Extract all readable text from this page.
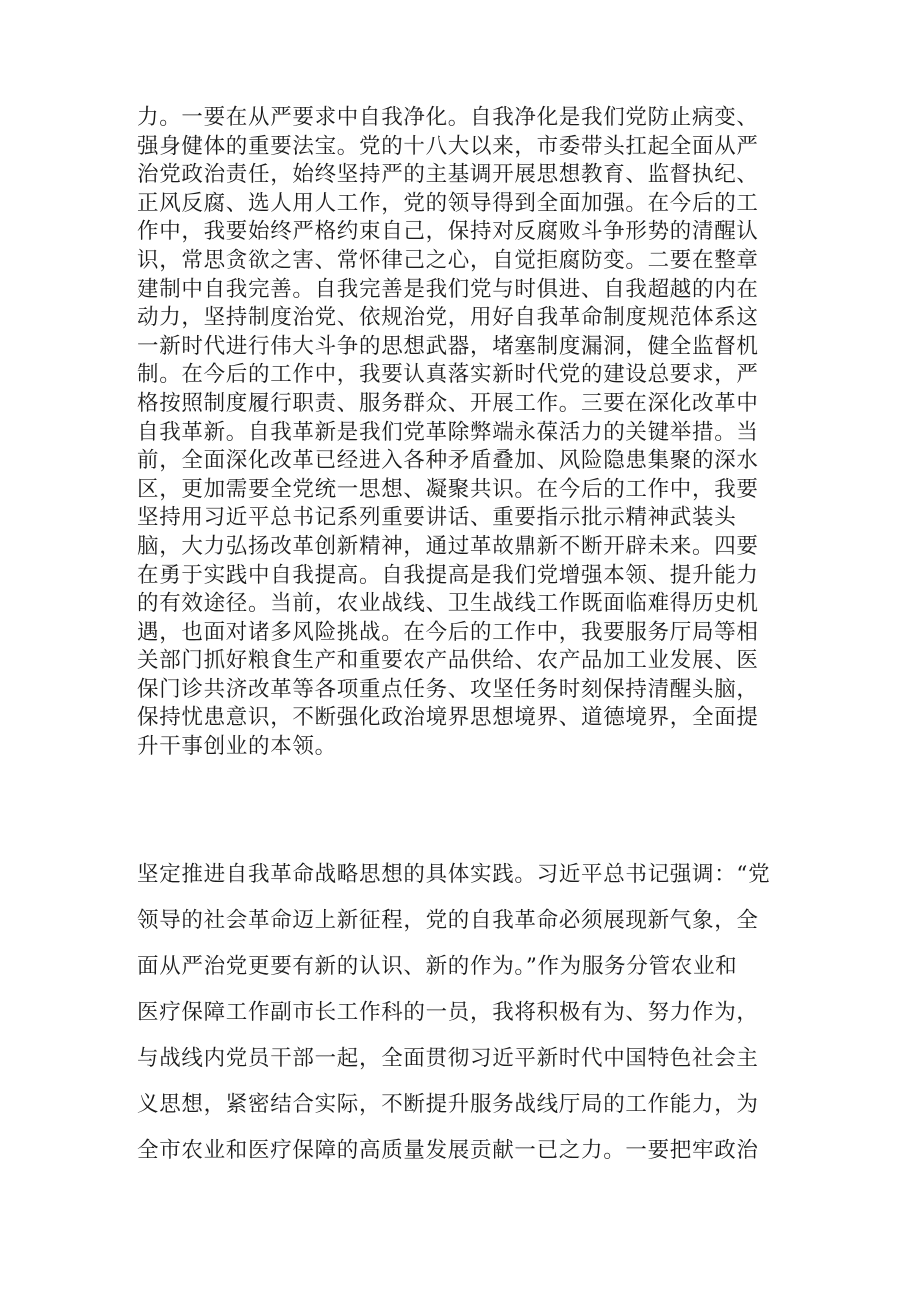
力。一要在从严要求中自我净化。自我净化是我们党防止病变、
强身健体的重要法宝。党的十八大以来，市委带头扛起全面从严
治党政治责任，始终坚持严的主基调开展思想教育、监督执纪、
正风反腐、选人用人工作，党的领导得到全面加强。在今后的工
作中，我要始终严格约束自己，保持对反腐败斗争形势的清醒认
识，常思贪欲之害、常怀律己之心，自觉拒腐防变。二要在整章
建制中自我完善。自我完善是我们党与时俱进、自我超越的内在
动力，坚持制度治党、依规治党，用好自我革命制度规范体系这
一新时代进行伟大斗争的思想武器，堵塞制度漏洞，健全监督机
制。在今后的工作中，我要认真落实新时代党的建设总要求，严
格按照制度履行职责、服务群众、开展工作。三要在深化改革中
自我革新。自我革新是我们党革除弊端永葆活力的关键举措。当
前，全面深化改革已经进入各种矛盾叠加、风险隐患集聚的深水
区，更加需要全党统一思想、凝聚共识。在今后的工作中，我要
坚持用习近平总书记系列重要讲话、重要指示批示精神武装头
脑，大力弘扬改革创新精神，通过革故鼎新不断开辟未来。四要
在勇于实践中自我提高。自我提高是我们党增强本领、提升能力
的有效途径。当前，农业战线、卫生战线工作既面临难得历史机
遇，也面对诸多风险挑战。在今后的工作中，我要服务厅局等相
关部门抓好粮食生产和重要农产品供给、农产品加工业发展、医
保门诊共济改革等各项重点任务、攻坚任务时刻保持清醒头脑，
保持忧患意识，不断强化政治境界思想境界、道德境界，全面提
升干事创业的本领。
坚定推进自我革命战略思想的具体实践。习近平总书记强调：“党
领导的社会革命迈上新征程，党的自我革命必须展现新气象，全
面从严治党更要有新的认识、新的作为。”作为服务分管农业和
医疗保障工作副市长工作科的一员，我将积极有为、努力作为，
与战线内党员干部一起，全面贯彻习近平新时代中国特色社会主
义思想，紧密结合实际，不断提升服务战线厅局的工作能力，为
全市农业和医疗保障的高质量发展贡献一已之力。一要把牢政治
